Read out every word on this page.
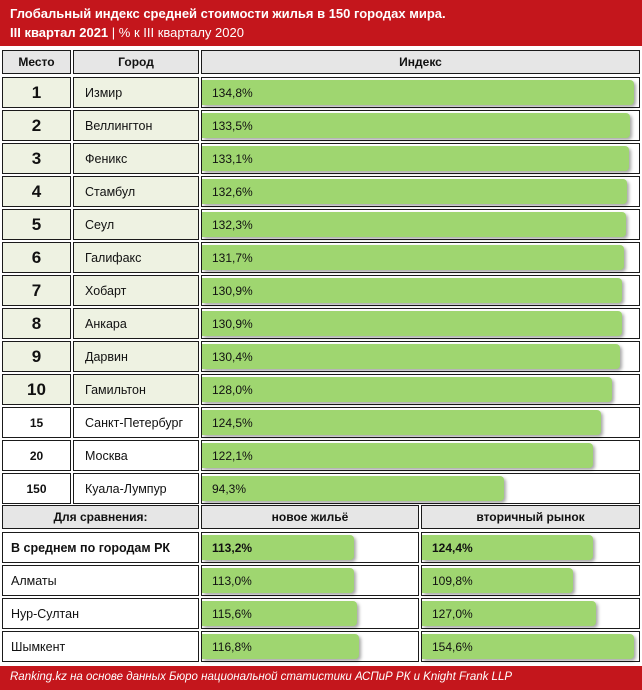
Глобальный индекс средней стоимости жилья в 150 городах мира.
III квартал 2021 | % к III кварталу 2020
Место	Город	Индекс
1	Измир	134,8%
2	Веллингтон	133,5%
3	Феникс	133,1%
4	Стамбул	132,6%
5	Сеул	132,3%
6	Галифакс	131,7%
7	Хобарт	130,9%
8	Анкара	130,9%
9	Дарвин	130,4%
10	Гамильтон	128,0%
15	Санкт-Петербург	124,5%
20	Москва	122,1%
150	Куала-Лумпур	94,3%
Для сравнения:	новое жильё	вторичный рынок
В среднем по городам РК	113,2%	124,4%
Алматы	113,0%	109,8%
Нур-Султан	115,6%	127,0%
Шымкент	116,8%	154,6%
Ranking.kz на основе данных Бюро национальной статистики АСПиР РК и Knight Frank LLP
